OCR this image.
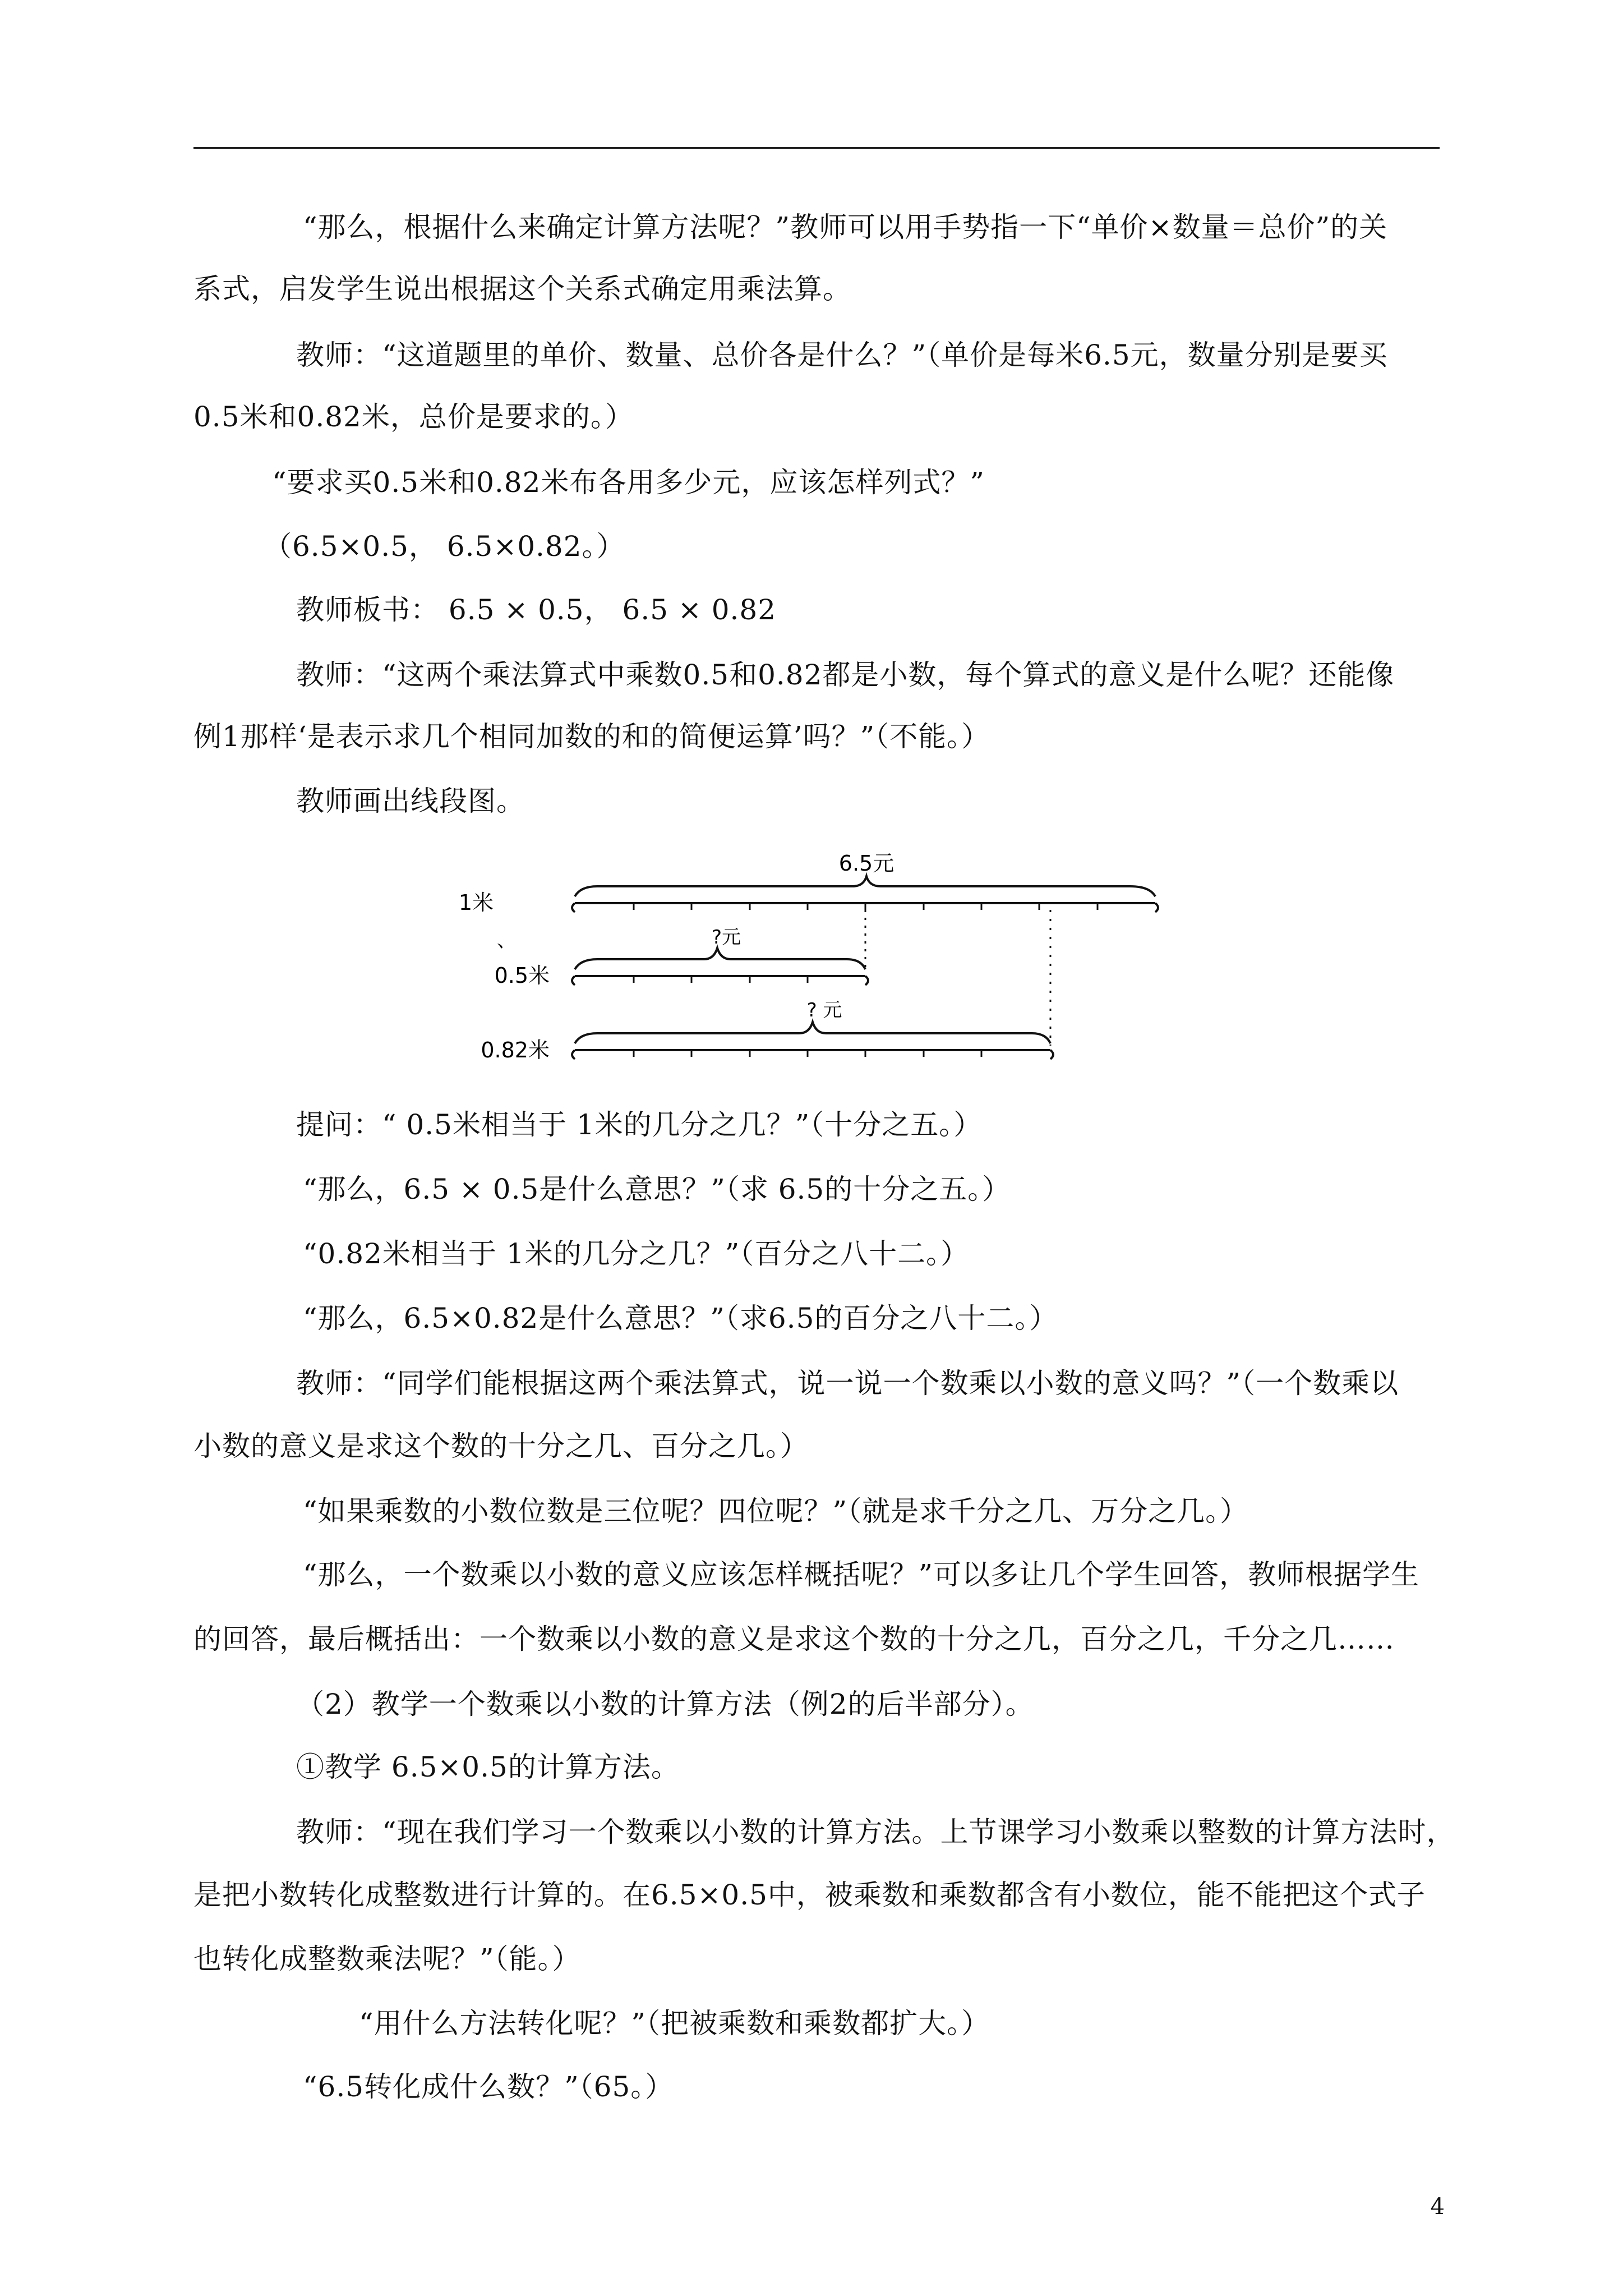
“那么，根据什么来确定计算方法呢？”教师可以用手势指一下“单价×数量＝总价”的关
系式，启发学生说出根据这个关系式确定用乘法算。
教师：“这道题里的单价、数量、总价各是什么？”（单价是每米6.5元，数量分别是要买
0.5米和0.82米，总价是要求的。）
“要求买0.5米和0.82米布各用多少元，应该怎样列式？”
（6.5×0.5， 6.5×0.82。）
教师板书： 6.5 × 0.5， 6.5 × 0.82
教师：“这两个乘法算式中乘数0.5和0.82都是小数，每个算式的意义是什么呢？还能像
例1那样‘是表示求几个相同加数的和的简便运算’吗？”（不能。）
教师画出线段图。
1米
、
0.5米
0.82米
6.5元
?元
? 元
提问：“ 0.5米相当于 1米的几分之几？”（十分之五。）
“那么，6.5 × 0.5是什么意思？”（求 6.5的十分之五。）
“0.82米相当于 1米的几分之几？”（百分之八十二。）
“那么，6.5×0.82是什么意思？”（求6.5的百分之八十二。）
教师：“同学们能根据这两个乘法算式，说一说一个数乘以小数的意义吗？”（一个数乘以
小数的意义是求这个数的十分之几、百分之几。）
“如果乘数的小数位数是三位呢？四位呢？”（就是求千分之几、万分之几。）
“那么，一个数乘以小数的意义应该怎样概括呢？”可以多让几个学生回答，教师根据学生
的回答，最后概括出：一个数乘以小数的意义是求这个数的十分之几，百分之几，千分之几……
（2）教学一个数乘以小数的计算方法（例2的后半部分）。
①教学 6.5×0.5的计算方法。
教师：“现在我们学习一个数乘以小数的计算方法。上节课学习小数乘以整数的计算方法时，
是把小数转化成整数进行计算的。在6.5×0.5中，被乘数和乘数都含有小数位，能不能把这个式子
也转化成整数乘法呢？”（能。）
“用什么方法转化呢？”（把被乘数和乘数都扩大。）
“6.5转化成什么数？”（65。）
4
